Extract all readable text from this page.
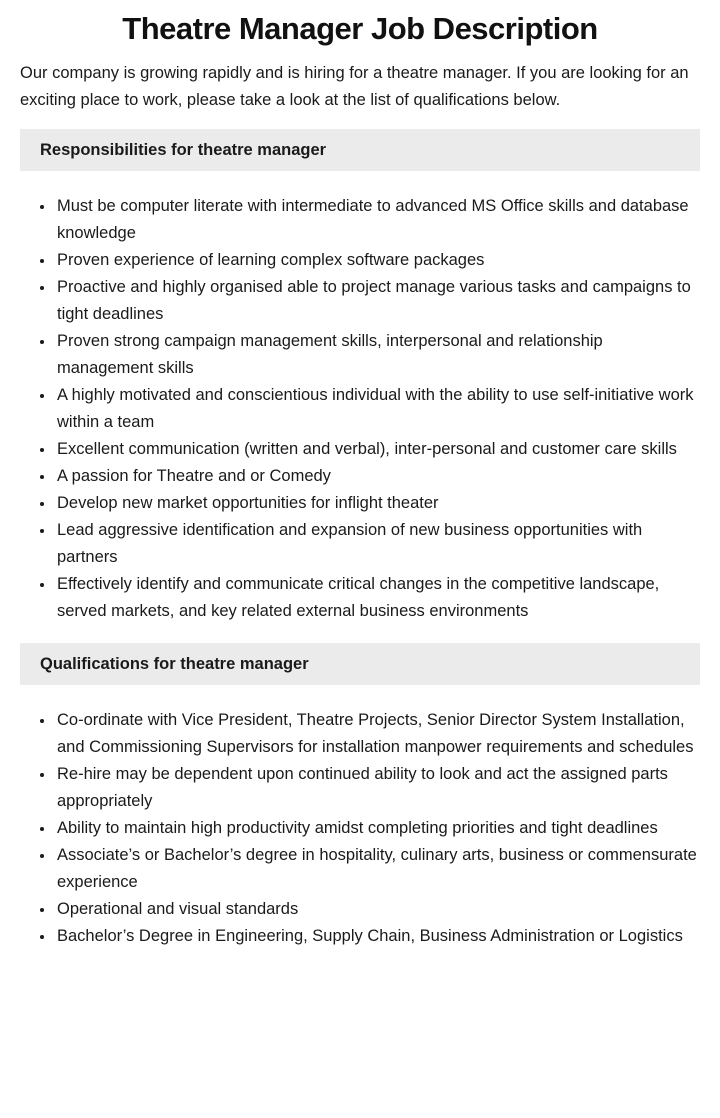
Theatre Manager Job Description

Our company is growing rapidly and is hiring for a theatre manager. If you are looking for an exciting place to work, please take a look at the list of qualifications below.

Responsibilities for theatre manager
• Must be computer literate with intermediate to advanced MS Office skills and database knowledge
• Proven experience of learning complex software packages
• Proactive and highly organised able to project manage various tasks and campaigns to tight deadlines
• Proven strong campaign management skills, interpersonal and relationship management skills
• A highly motivated and conscientious individual with the ability to use self-initiative work within a team
• Excellent communication (written and verbal), inter-personal and customer care skills
• A passion for Theatre and or Comedy
• Develop new market opportunities for inflight theater
• Lead aggressive identification and expansion of new business opportunities with partners
• Effectively identify and communicate critical changes in the competitive landscape, served markets, and key related external business environments
Qualifications for theatre manager
• Co-ordinate with Vice President, Theatre Projects, Senior Director System Installation, and Commissioning Supervisors for installation manpower requirements and schedules
• Re-hire may be dependent upon continued ability to look and act the assigned parts appropriately
• Ability to maintain high productivity amidst completing priorities and tight deadlines
• Associate’s or Bachelor’s degree in hospitality, culinary arts, business or commensurate experience
• Operational and visual standards
• Bachelor’s Degree in Engineering, Supply Chain, Business Administration or Logistics
